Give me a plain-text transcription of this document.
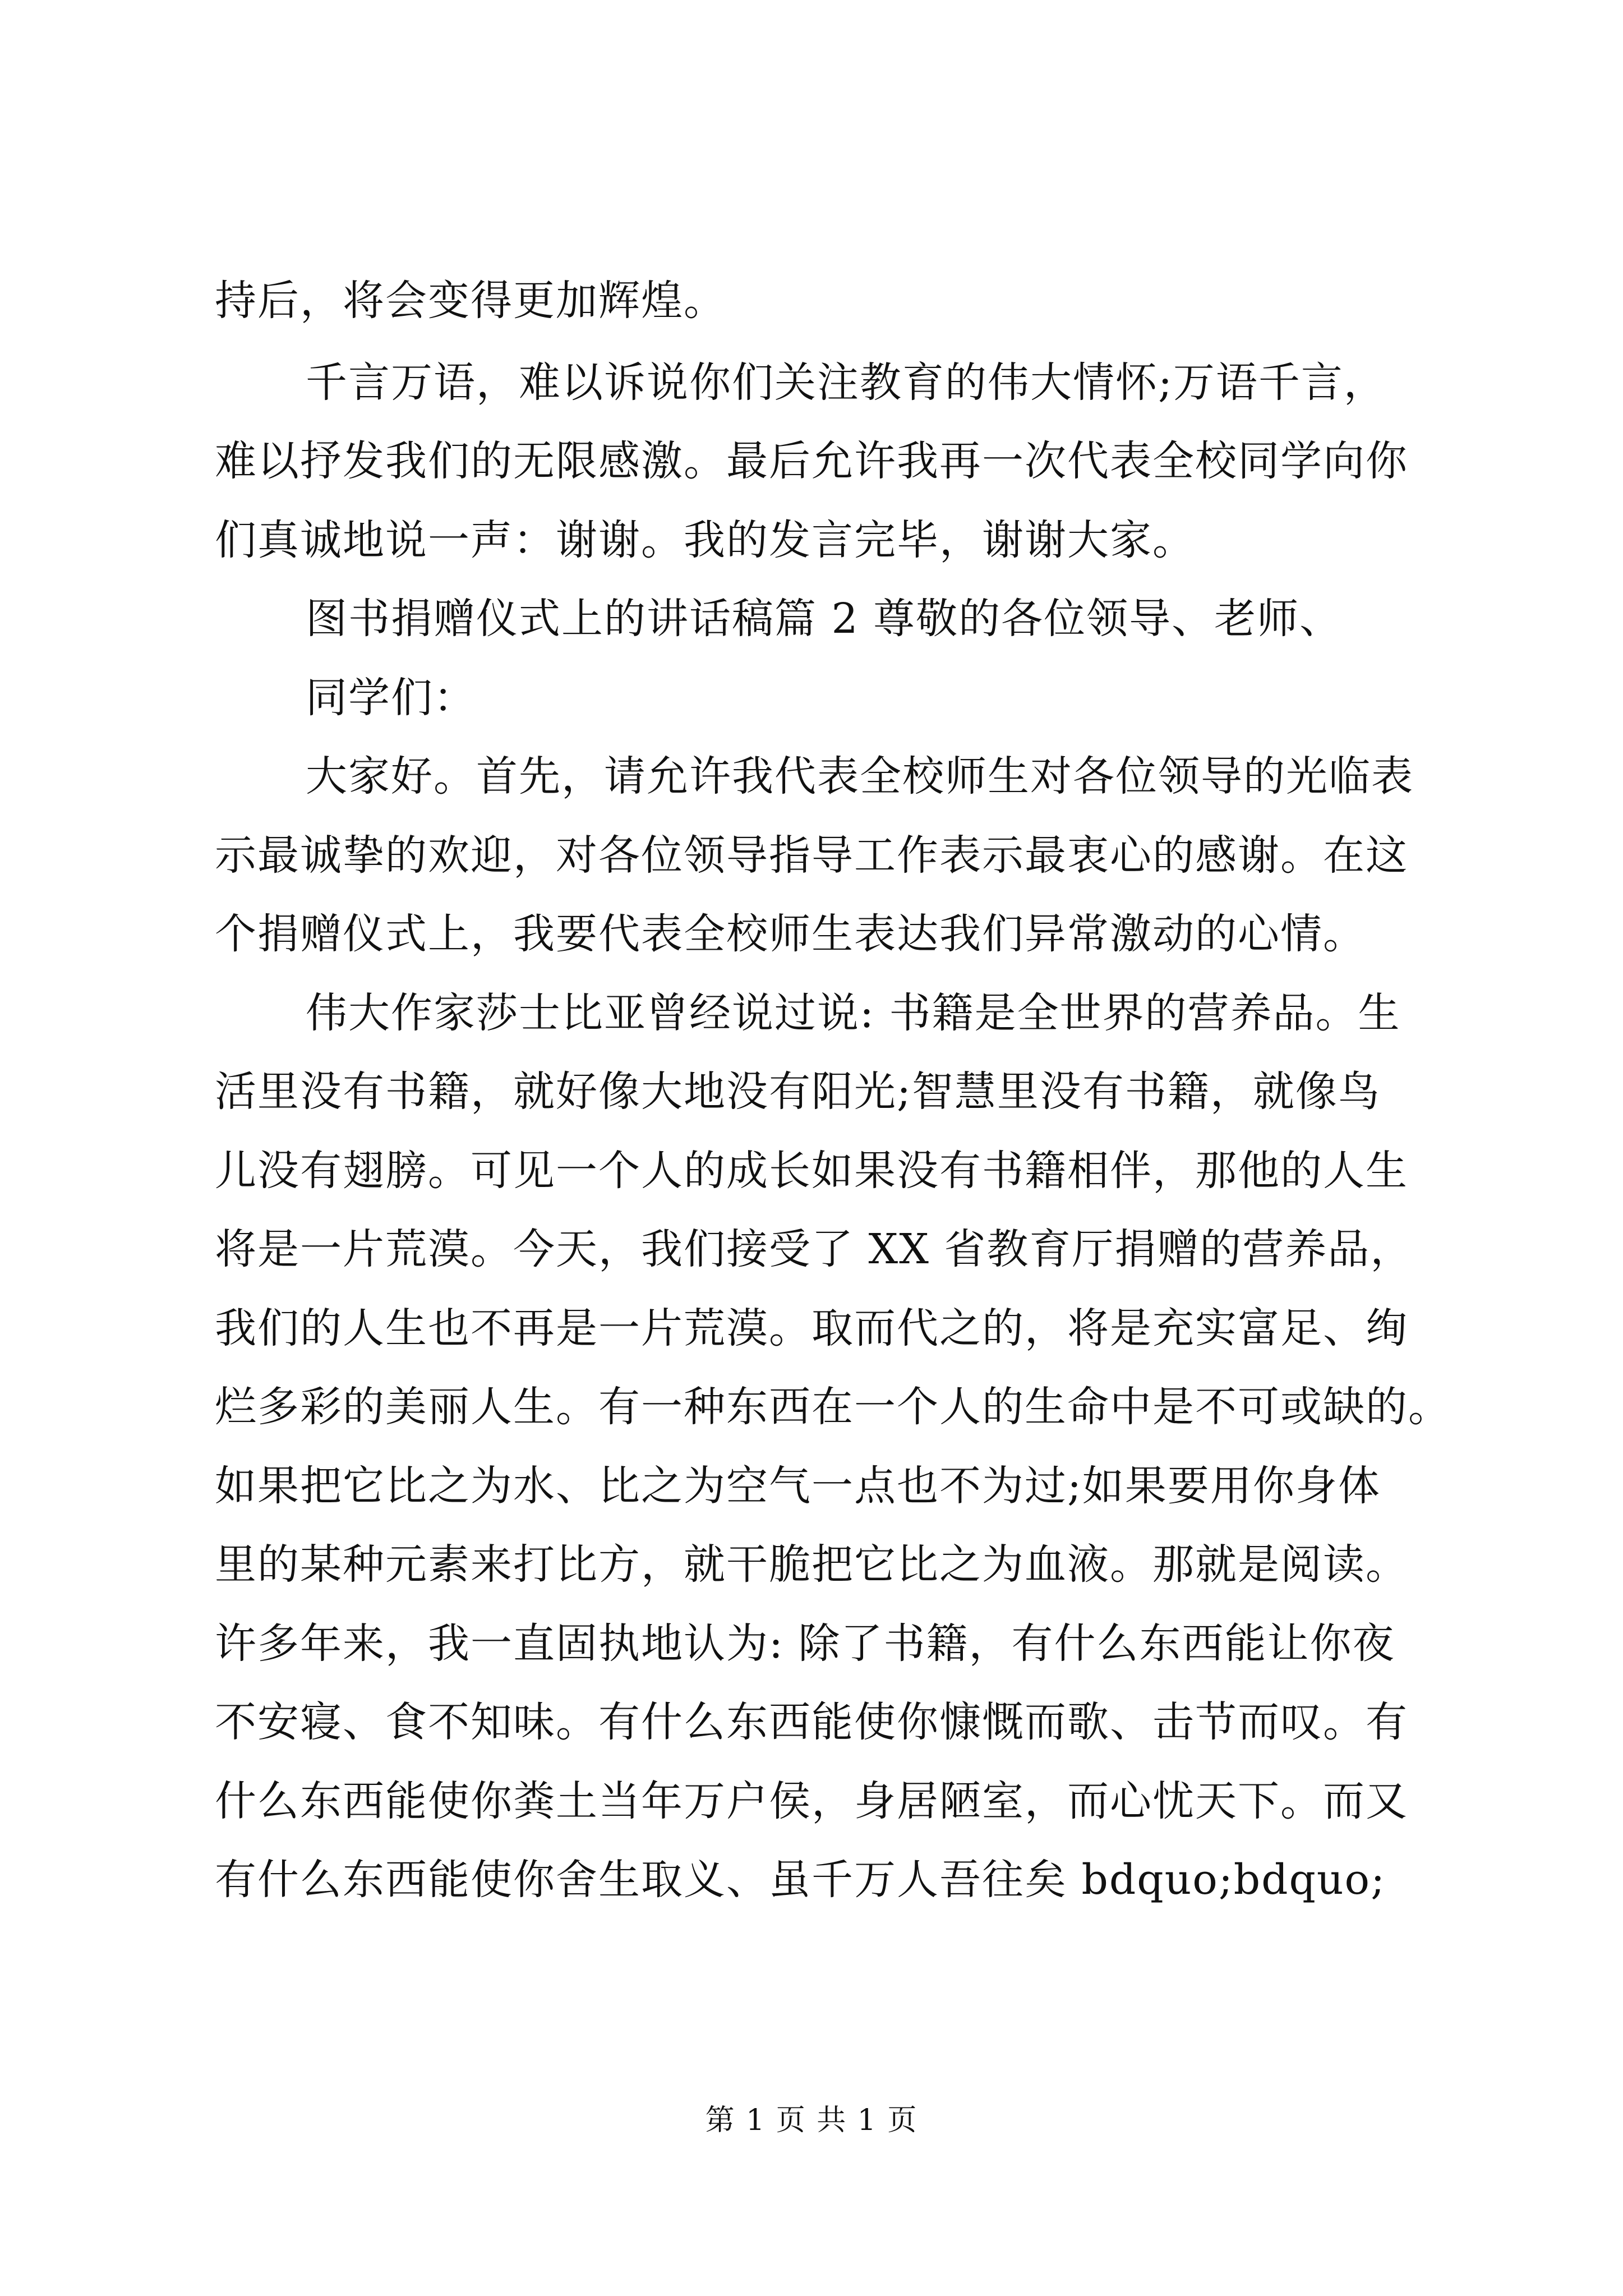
持后，将会变得更加辉煌。
千言万语，难以诉说你们关注教育的伟大情怀;万语千言，
难以抒发我们的无限感激。最后允许我再一次代表全校同学向你
们真诚地说一声：谢谢。我的发言完毕，谢谢大家。
图书捐赠仪式上的讲话稿篇 2 尊敬的各位领导、老师、
同学们：
大家好。首先，请允许我代表全校师生对各位领导的光临表
示最诚挚的欢迎，对各位领导指导工作表示最衷心的感谢。在这
个捐赠仪式上，我要代表全校师生表达我们异常激动的心情。
伟大作家莎士比亚曾经说过说: 书籍是全世界的营养品。生
活里没有书籍，就好像大地没有阳光;智慧里没有书籍，就像鸟
儿没有翅膀。可见一个人的成长如果没有书籍相伴，那他的人生
将是一片荒漠。今天，我们接受了 XX 省教育厅捐赠的营养品，
我们的人生也不再是一片荒漠。取而代之的，将是充实富足、绚
烂多彩的美丽人生。有一种东西在一个人的生命中是不可或缺的。
如果把它比之为水、比之为空气一点也不为过;如果要用你身体
里的某种元素来打比方，就干脆把它比之为血液。那就是阅读。
许多年来，我一直固执地认为: 除了书籍，有什么东西能让你夜
不安寝、食不知味。有什么东西能使你慷慨而歌、击节而叹。有
什么东西能使你粪土当年万户侯，身居陋室，而心忧天下。而又
有什么东西能使你舍生取义、虽千万人吾往矣 bdquo;bdquo;
第 1 页 共 1 页
